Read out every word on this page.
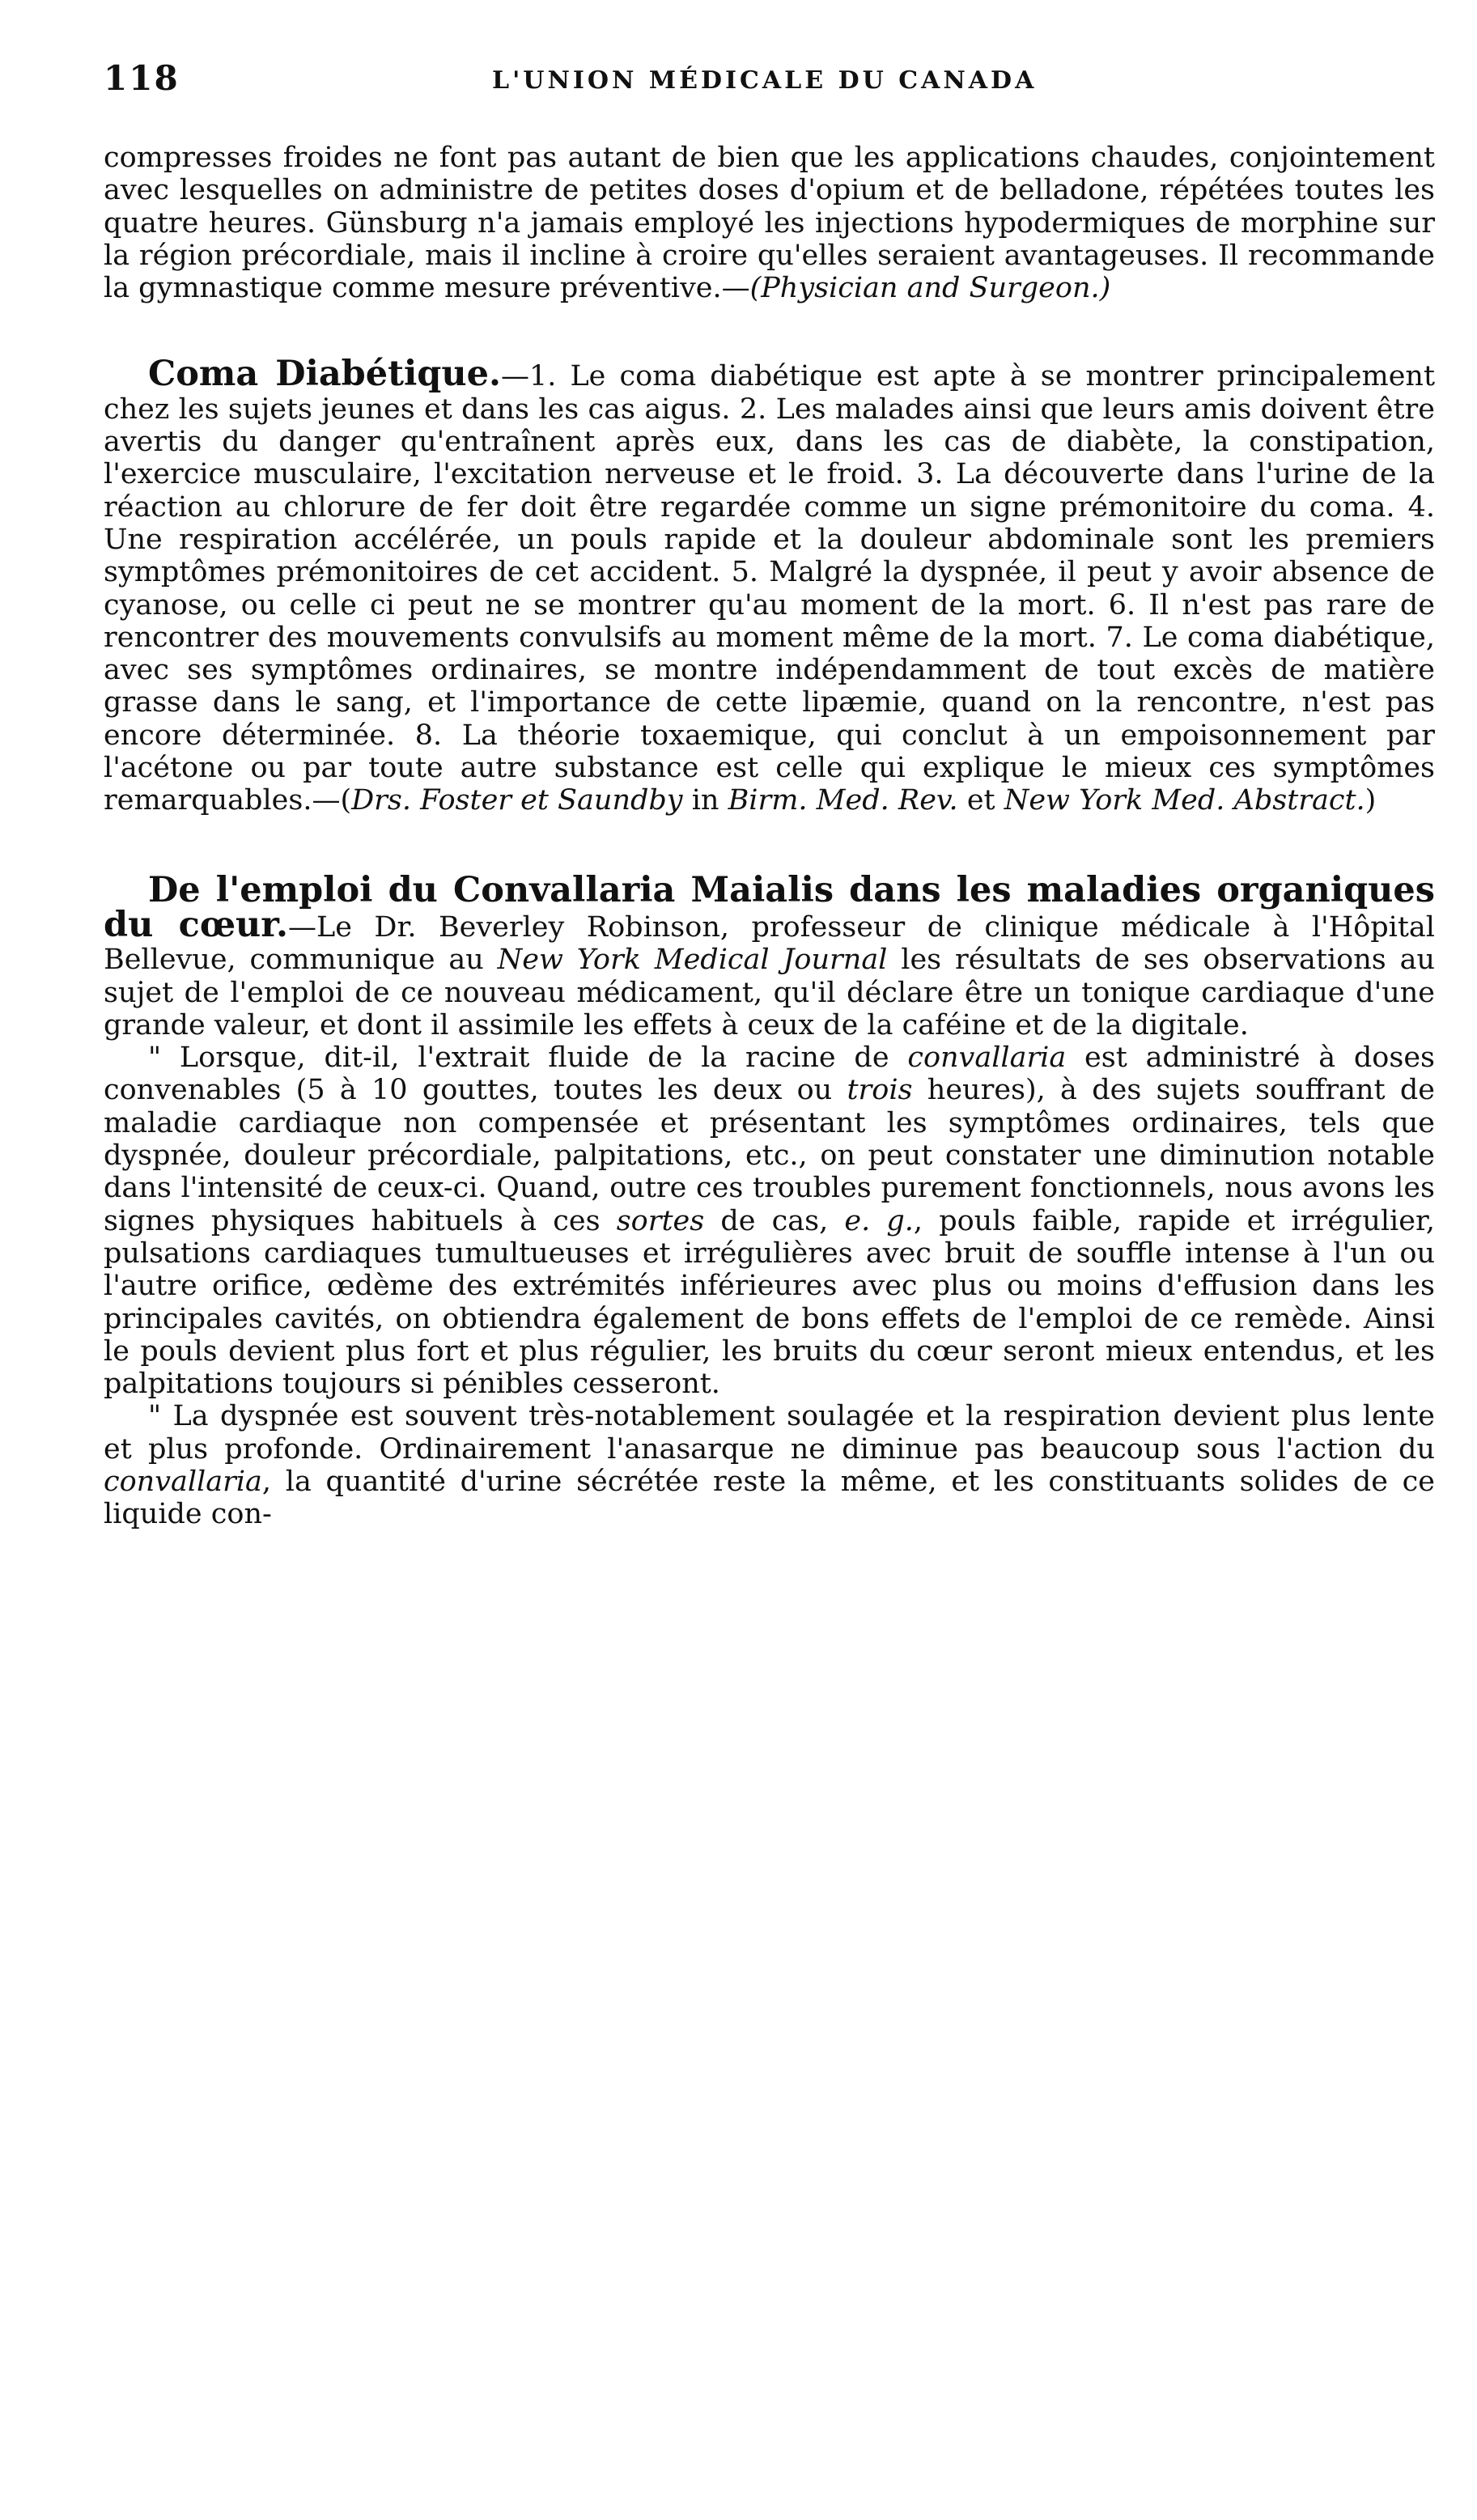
118	L'UNION MÉDICALE DU CANADA

compresses froides ne font pas autant de bien que les applications chaudes, conjointement avec lesquelles on administre de petites doses d'opium et de belladone, répétées toutes les quatre heures. Günsburg n'a jamais employé les injections hypodermiques de morphine sur la région précordiale, mais il incline à croire qu'elles seraient avantageuses. Il recommande la gymnastique comme mesure préventive.—(Physician and Surgeon.)

Coma Diabétique.—1. Le coma diabétique est apte à se montrer principalement chez les sujets jeunes et dans les cas aigus. 2. Les malades ainsi que leurs amis doivent être avertis du danger qu'entraînent après eux, dans les cas de diabète, la constipation, l'exercice musculaire, l'excitation nerveuse et le froid. 3. La découverte dans l'urine de la réaction au chlorure de fer doit être regardée comme un signe prémonitoire du coma. 4. Une respiration accélérée, un pouls rapide et la douleur abdominale sont les premiers symptômes prémonitoires de cet accident. 5. Malgré la dyspnée, il peut y avoir absence de cyanose, ou celle ci peut ne se montrer qu'au moment de la mort. 6. Il n'est pas rare de rencontrer des mouvements convulsifs au moment même de la mort. 7. Le coma diabétique, avec ses symptômes ordinaires, se montre indépendamment de tout excès de matière grasse dans le sang, et l'importance de cette lipæmie, quand on la rencontre, n'est pas encore déterminée. 8. La théorie toxaemique, qui conclut à un empoisonnement par l'acétone ou par toute autre substance est celle qui explique le mieux ces symptômes remarquables.—(Drs. Foster et Saundby in Birm. Med. Rev. et New York Med. Abstract.)

De l'emploi du Convallaria Maialis dans les maladies organiques du cœur.—Le Dr. Beverley Robinson, professeur de clinique médicale à l'Hôpital Bellevue, communique au New York Medical Journal les résultats de ses observations au sujet de l'emploi de ce nouveau médicament, qu'il déclare être un tonique cardiaque d'une grande valeur, et dont il assimile les effets à ceux de la caféine et de la digitale.

" Lorsque, dit-il, l'extrait fluide de la racine de convallaria est administré à doses convenables (5 à 10 gouttes, toutes les deux ou trois heures), à des sujets souffrant de maladie cardiaque non compensée et présentant les symptômes ordinaires, tels que dyspnée, douleur précordiale, palpitations, etc., on peut constater une diminution notable dans l'intensité de ceux-ci. Quand, outre ces troubles purement fonctionnels, nous avons les signes physiques habituels à ces sortes de cas, e. g., pouls faible, rapide et irrégulier, pulsations cardiaques tumultueuses et irrégulières avec bruit de souffle intense à l'un ou l'autre orifice, œdème des extrémités inférieures avec plus ou moins d'effusion dans les principales cavités, on obtiendra également de bons effets de l'emploi de ce remède. Ainsi le pouls devient plus fort et plus régulier, les bruits du cœur seront mieux entendus, et les palpitations toujours si pénibles cesseront.

" La dyspnée est souvent très-notablement soulagée et la respiration devient plus lente et plus profonde. Ordinairement l'anasarque ne diminue pas beaucoup sous l'action du convallaria, la quantité d'urine sécrétée reste la même, et les constituants solides de ce liquide con-
